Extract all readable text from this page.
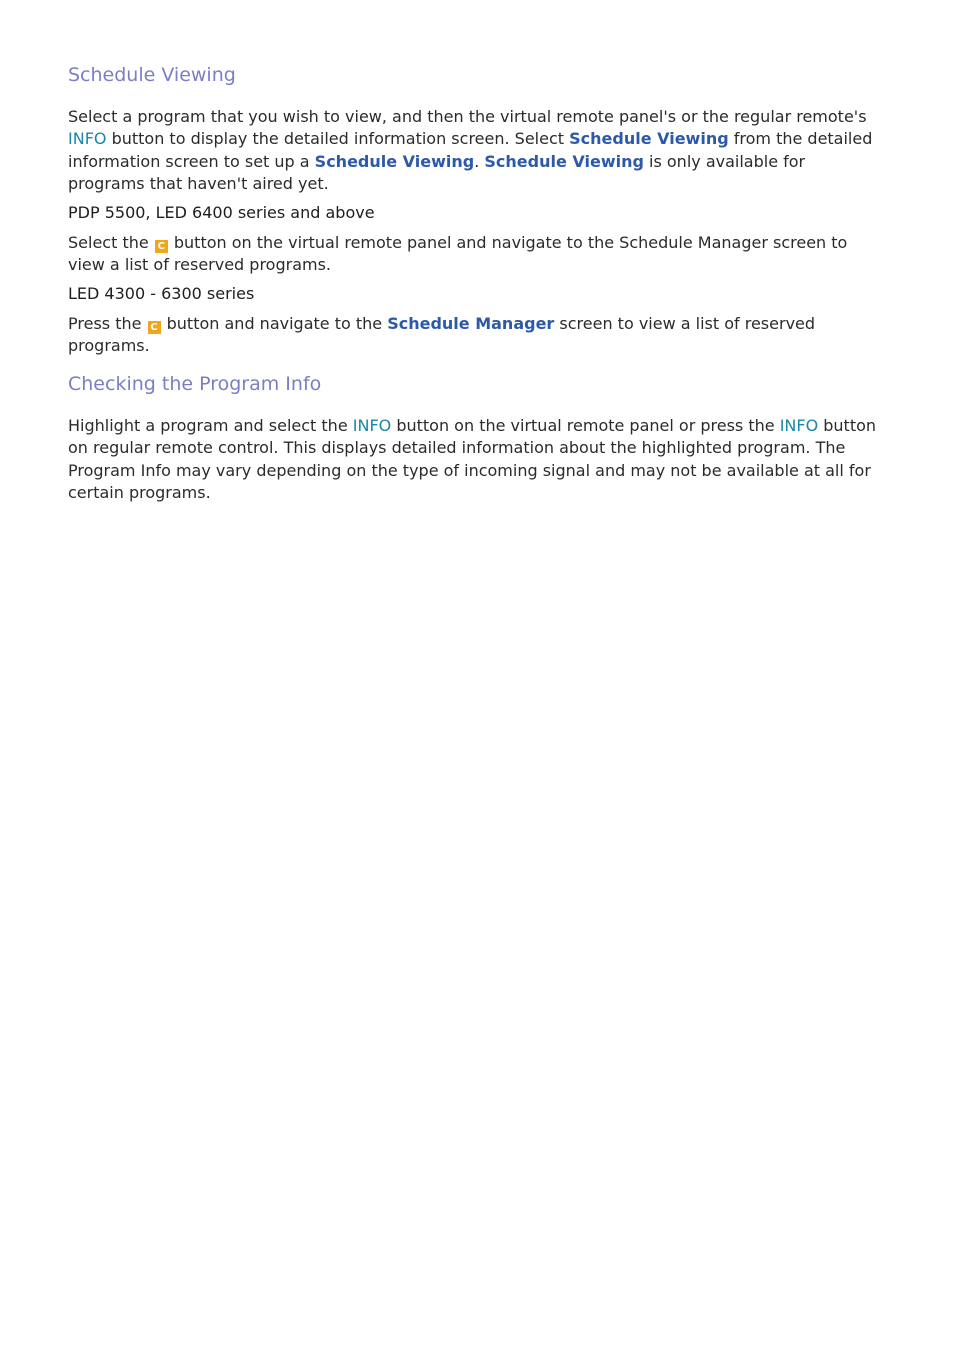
Schedule Viewing

Select a program that you wish to view, and then the virtual remote panel's or the regular remote's INFO button to display the detailed information screen. Select Schedule Viewing from the detailed information screen to set up a Schedule Viewing. Schedule Viewing is only available for programs that haven't aired yet.

PDP 5500, LED 6400 series and above

Select the C button on the virtual remote panel and navigate to the Schedule Manager screen to view a list of reserved programs.

LED 4300 - 6300 series

Press the C button and navigate to the Schedule Manager screen to view a list of reserved programs.

Checking the Program Info

Highlight a program and select the INFO button on the virtual remote panel or press the INFO button on regular remote control. This displays detailed information about the highlighted program. The Program Info may vary depending on the type of incoming signal and may not be available at all for certain programs.
